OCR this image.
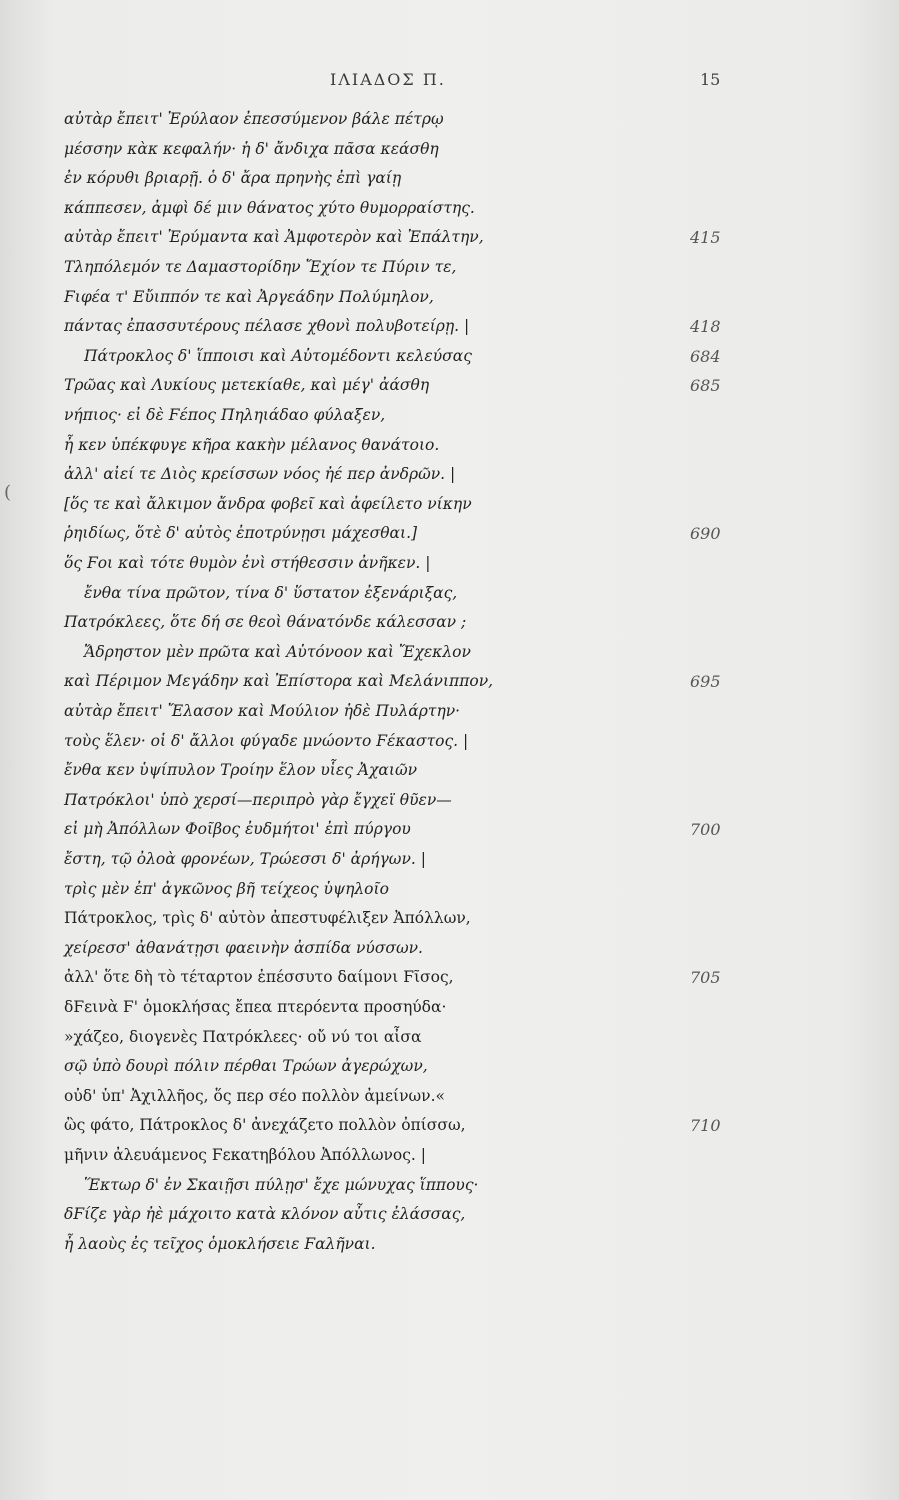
ΙΛΙΑΔΟΣ Π.	15
(
αὐτὰρ ἔπειτ' Ἐρύλαον ἐπεσσύμενον βάλε πέτρῳ
μέσσην κὰκ κεφαλήν· ἡ δ' ἄνδιχα πᾶσα κεάσθη
ἐν κόρυθι βριαρῇ. ὁ δ' ἄρα πρηνὴς ἐπὶ γαίῃ
κάππεσεν, ἀμφὶ δέ μιν θάνατος χύτο θυμορραίστης.
αὐτὰρ ἔπειτ' Ἐρύμαντα καὶ Ἀμφοτερὸν καὶ Ἐπάλτην,	415
Τληπόλεμόν τε Δαμαστορίδην Ἔχίον τε Πύριν τε,
Ϝιφέα τ' Εὔιππόν τε καὶ Ἀργεάδην Πολύμηλον,
πάντας ἐπασσυτέρους πέλασε χθονὶ πολυβοτείρῃ. |	418
Πάτροκλος δ' ἵπποισι καὶ Αὐτομέδοντι κελεύσας	684
Τρῶας καὶ Λυκίους μετεκίαθε, καὶ μέγ' ἀάσθη	685
νήπιος· εἰ δὲ Ϝέπος Πηληιάδαο φύλαξεν,
ἦ κεν ὑπέκφυγε κῆρα κακὴν μέλανος θανάτοιο.
ἀλλ' αἰεί τε Διὸς κρείσσων νόος ἠέ περ ἀνδρῶν. |
[ὅς τε καὶ ἄλκιμον ἄνδρα φοβεῖ καὶ ἀφείλετο νίκην
ῥηιδίως, ὅτὲ δ' αὐτὸς ἐποτρύνῃσι μάχεσθαι.]	690
ὅς Ϝοι καὶ τότε θυμὸν ἐνὶ στήθεσσιν ἀνῆκεν. |
ἔνθα τίνα πρῶτον, τίνα δ' ὕστατον ἐξενάριξας,
Πατρόκλεες, ὅτε δή σε θεοὶ θάνατόνδε κάλεσσαν ;
Ἄδρηστον μὲν πρῶτα καὶ Αὐτόνοον καὶ Ἔχεκλον
καὶ Πέριμον Μεγάδην καὶ Ἐπίστορα καὶ Μελάνιππον,	695
αὐτὰρ ἔπειτ' Ἔλασον καὶ Μούλιον ἠδὲ Πυλάρτην·
τοὺς ἕλεν· οἱ δ' ἄλλοι φύγαδε μνώοντο Ϝέκαστος. |
ἔνθα κεν ὑψίπυλον Τροίην ἕλον υἷες Ἀχαιῶν
Πατρόκλοι' ὑπὸ χερσί—περιπρὸ γὰρ ἔγχεϊ θῦεν—
εἰ μὴ Ἀπόλλων Φοῖβος ἐυδμήτοι' ἐπὶ πύργου	700
ἔστη, τῷ ὀλοὰ φρονέων, Τρώεσσι δ' ἀρήγων. |
τρὶς μὲν ἐπ' ἀγκῶνος βῆ τείχεος ὑψηλοῖο
Πάτροκλος, τρὶς δ' αὐτὸν ἀπεστυφέλιξεν Ἀπόλλων,
χείρεσσ' ἀθανάτῃσι φαεινὴν ἀσπίδα νύσσων.
ἀλλ' ὅτε δὴ τὸ τέταρτον ἐπέσσυτο δαίμονι Ϝῖσος,	705
δϜεινὰ Ϝ' ὁμοκλήσας ἔπεα πτερόεντα προσηύδα·
»χάζεο, διογενὲς Πατρόκλεες· οὔ νύ τοι αἶσα
σῷ ὑπὸ δουρὶ πόλιν πέρθαι Τρώων ἀγερώχων,
οὐδ' ὑπ' Ἀχιλλῆος, ὅς περ σέο πολλὸν ἀμείνων.«
ὣς φάτο, Πάτροκλος δ' ἀνεχάζετο πολλὸν ὀπίσσω,	710
μῆνιν ἀλευάμενος Ϝεκατηβόλου Ἀπόλλωνος. |
Ἕκτωρ δ' ἐν Σκαιῇσι πύλῃσ' ἔχε μώνυχας ἵππους·
δϜίζε γὰρ ἠὲ μάχοιτο κατὰ κλόνον αὖτις ἐλάσσας,
ἦ λαοὺς ἐς τεῖχος ὁμοκλήσειε Ϝαλῆναι.
